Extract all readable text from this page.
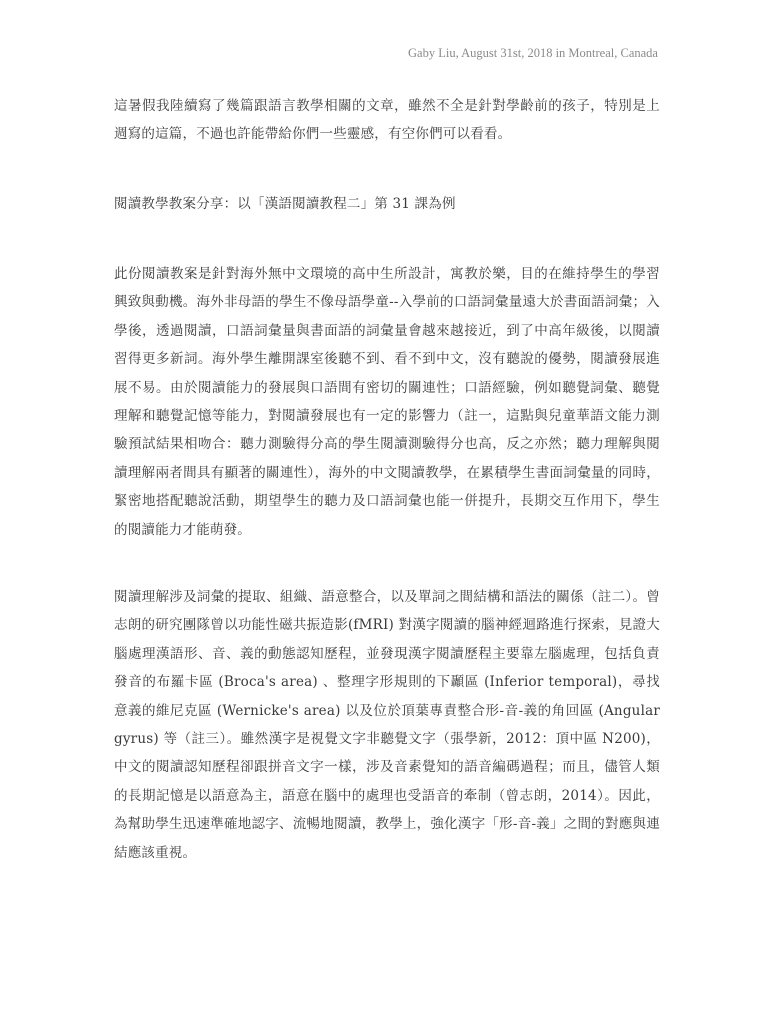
Gaby Liu, August 31st, 2018 in Montreal, Canada

這暑假我陸續寫了幾篇跟語言教學相關的文章，雖然不全是針對學齡前的孩子，特別是上週寫的這篇，不過也許能帶給你們一些靈感，有空你們可以看看。

閱讀教學教案分享：以「漢語閱讀教程二」第 31 課為例

此份閱讀教案是針對海外無中文環境的高中生所設計，寓教於樂，目的在維持學生的學習興致與動機。海外非母語的學生不像母語學童--入學前的口語詞彙量遠大於書面語詞彙；入學後，透過閱讀，口語詞彙量與書面語的詞彙量會越來越接近，到了中高年級後，以閱讀習得更多新詞。海外學生離開課室後聽不到、看不到中文，沒有聽說的優勢，閱讀發展進展不易。由於閱讀能力的發展與口語間有密切的關連性；口語經驗，例如聽覺詞彙、聽覺理解和聽覺記憶等能力，對閱讀發展也有一定的影響力（註一，這點與兒童華語文能力測驗預試結果相吻合：聽力測驗得分高的學生閱讀測驗得分也高，反之亦然；聽力理解與閱讀理解兩者間具有顯著的關連性），海外的中文閱讀教學，在累積學生書面詞彙量的同時，緊密地搭配聽說活動，期望學生的聽力及口語詞彙也能一併提升，長期交互作用下，學生的閱讀能力才能萌發。

閱讀理解涉及詞彙的提取、組織、語意整合，以及單詞之間結構和語法的關係（註二）。曾志朗的研究團隊曾以功能性磁共振造影(fMRI) 對漢字閱讀的腦神經迴路進行探索，見證大腦處理漢語形、音、義的動態認知歷程，並發現漢字閱讀歷程主要靠左腦處理，包括負責發音的布羅卡區 (Broca's area) 、整理字形規則的下顳區 (Inferior temporal)，尋找意義的維尼克區 (Wernicke's area) 以及位於頂葉專責整合形-音-義的角回區 (Angular gyrus) 等（註三）。雖然漢字是視覺文字非聽覺文字（張學新，2012：頂中區 N200)，中文的閱讀認知歷程卻跟拼音文字一樣，涉及音素覺知的語音編碼過程；而且，儘管人類的長期記憶是以語意為主，語意在腦中的處理也受語音的牽制（曾志朗，2014）。因此，為幫助學生迅速準確地認字、流暢地閱讀，教學上，強化漢字「形-音-義」之間的對應與連結應該重視。
